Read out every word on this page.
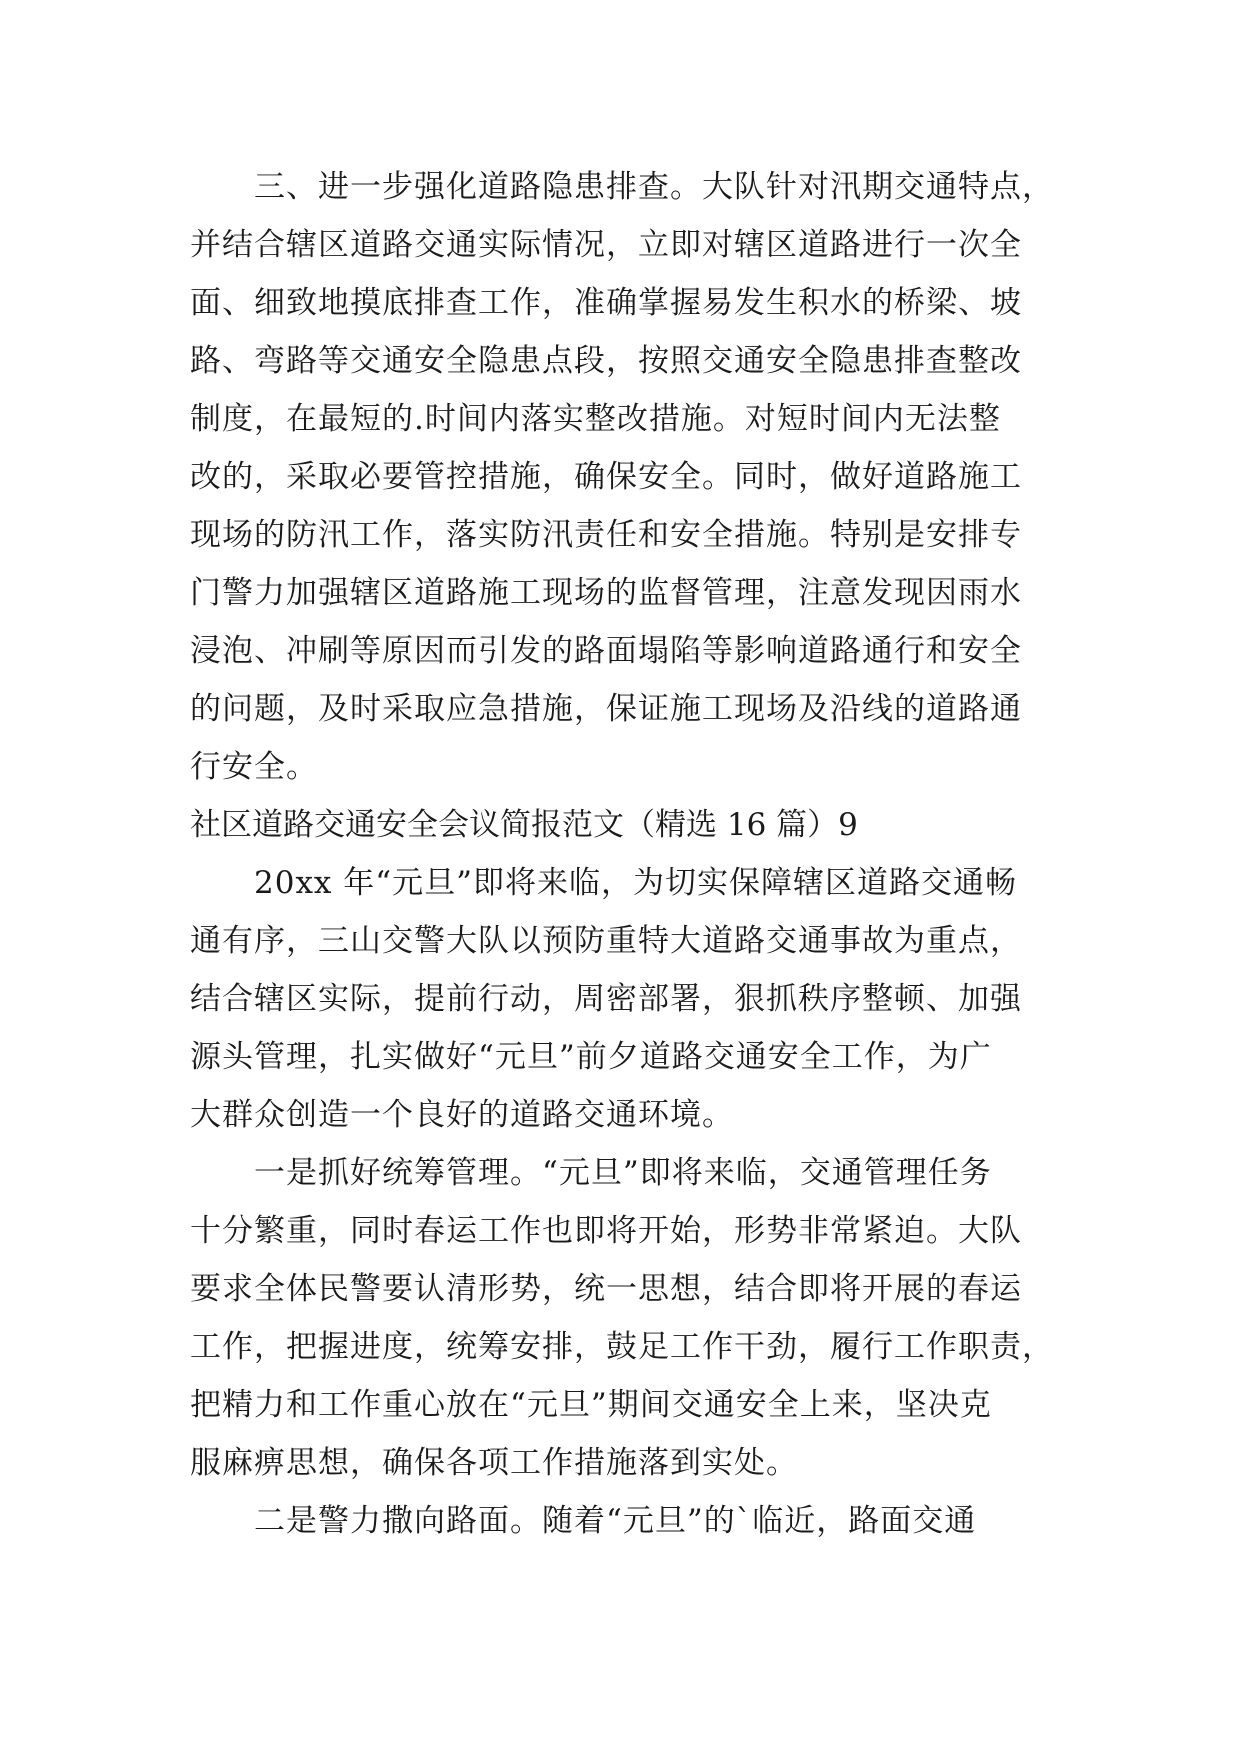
三、进一步强化道路隐患排查。大队针对汛期交通特点，
并结合辖区道路交通实际情况，立即对辖区道路进行一次全
面、细致地摸底排查工作，准确掌握易发生积水的桥梁、坡
路、弯路等交通安全隐患点段，按照交通安全隐患排查整改
制度，在最短的.时间内落实整改措施。对短时间内无法整
改的，采取必要管控措施，确保安全。同时，做好道路施工
现场的防汛工作，落实防汛责任和安全措施。特别是安排专
门警力加强辖区道路施工现场的监督管理，注意发现因雨水
浸泡、冲刷等原因而引发的路面塌陷等影响道路通行和安全
的问题，及时采取应急措施，保证施工现场及沿线的道路通
行安全。
社区道路交通安全会议简报范文（精选 16 篇）9
20xx 年“元旦”即将来临，为切实保障辖区道路交通畅
通有序，三山交警大队以预防重特大道路交通事故为重点，
结合辖区实际，提前行动，周密部署，狠抓秩序整顿、加强
源头管理，扎实做好“元旦”前夕道路交通安全工作，为广
大群众创造一个良好的道路交通环境。
一是抓好统筹管理。“元旦”即将来临，交通管理任务
十分繁重，同时春运工作也即将开始，形势非常紧迫。大队
要求全体民警要认清形势，统一思想，结合即将开展的春运
工作，把握进度，统筹安排，鼓足工作干劲，履行工作职责，
把精力和工作重心放在“元旦”期间交通安全上来，坚决克
服麻痹思想，确保各项工作措施落到实处。
二是警力撒向路面。随着“元旦”的`临近，路面交通
